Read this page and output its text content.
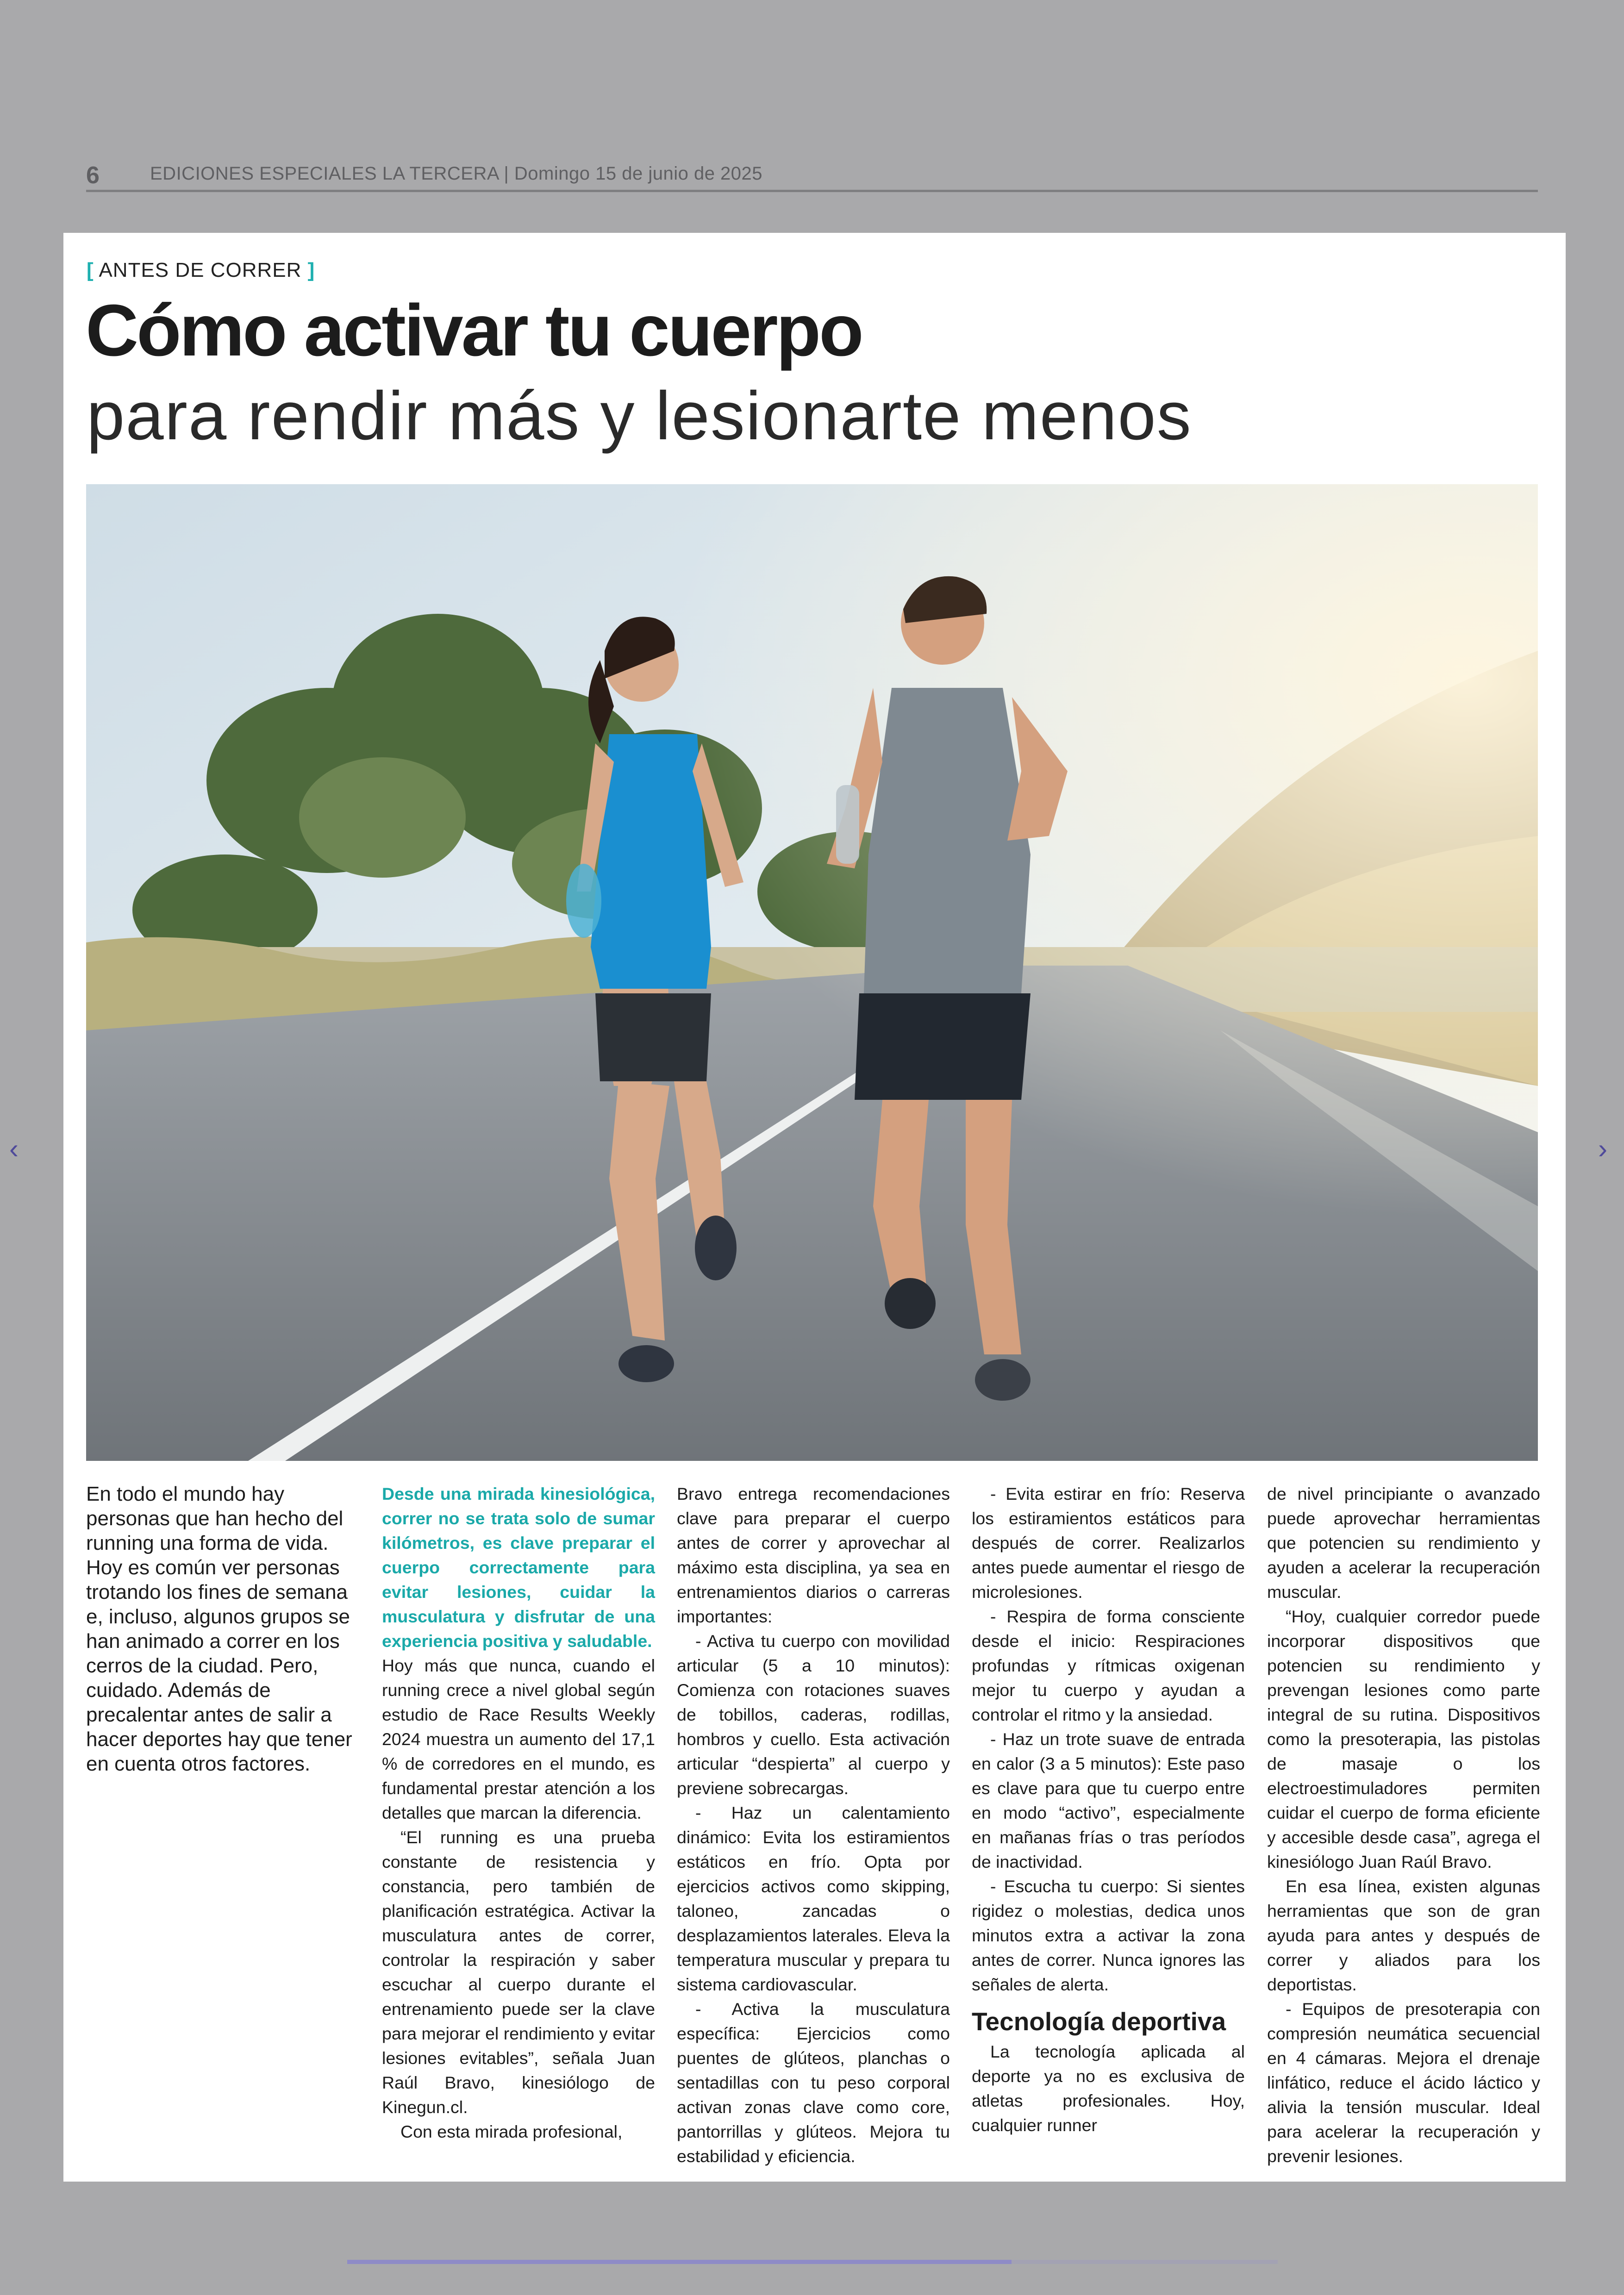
6	EDICIONES ESPECIALES LA TERCERA | Domingo 15 de junio de 2025
[ ANTES DE CORRER ]
Cómo activar tu cuerpo
para rendir más y lesionarte menos

En todo el mundo hay personas que han hecho del running una forma de vida. Hoy es común ver personas trotando los fines de semana e, incluso, algunos grupos se han animado a correr en los cerros de la ciudad. Pero, cuidado. Además de precalentar antes de salir a hacer deportes hay que tener en cuenta otros factores.

Desde una mirada kinesiológica, correr no se trata solo de sumar kilómetros, es clave preparar el cuerpo correctamente para evitar lesiones, cuidar la musculatura y disfrutar de una experiencia positiva y saludable.

Hoy más que nunca, cuando el running crece a nivel global según estudio de Race Results Weekly 2024 muestra un aumento del 17,1 % de corredores en el mundo, es fundamental prestar atención a los detalles que marcan la diferencia.

“El running es una prueba constante de resistencia y constancia, pero también de planificación estratégica. Activar la musculatura antes de correr, controlar la respiración y saber escuchar al cuerpo durante el entrenamiento puede ser la clave para mejorar el rendimiento y evitar lesiones evitables”, señala Juan Raúl Bravo, kinesiólogo de Kinegun.cl.

Con esta mirada profesional,

Bravo entrega recomendaciones clave para preparar el cuerpo antes de correr y aprovechar al máximo esta disciplina, ya sea en entrenamientos diarios o carreras importantes:

- Activa tu cuerpo con movilidad articular (5 a 10 minutos): Comienza con rotaciones suaves de tobillos, caderas, rodillas, hombros y cuello. Esta activación articular “despierta” al cuerpo y previene sobrecargas.

- Haz un calentamiento dinámico: Evita los estiramientos estáticos en frío. Opta por ejercicios activos como skipping, taloneo, zancadas o desplazamientos laterales. Eleva la temperatura muscular y prepara tu sistema cardiovascular.

- Activa la musculatura específica: Ejercicios como puentes de glúteos, planchas o sentadillas con tu peso corporal activan zonas clave como core, pantorrillas y glúteos. Mejora tu estabilidad y eficiencia.

- Evita estirar en frío: Reserva los estiramientos estáticos para después de correr. Realizarlos antes puede aumentar el riesgo de microlesiones.

- Respira de forma consciente desde el inicio: Respiraciones profundas y rítmicas oxigenan mejor tu cuerpo y ayudan a controlar el ritmo y la ansiedad.

- Haz un trote suave de entrada en calor (3 a 5 minutos): Este paso es clave para que tu cuerpo entre en modo “activo”, especialmente en mañanas frías o tras períodos de inactividad.

- Escucha tu cuerpo: Si sientes rigidez o molestias, dedica unos minutos extra a activar la zona antes de correr. Nunca ignores las señales de alerta.

Tecnología deportiva

La tecnología aplicada al deporte ya no es exclusiva de atletas profesionales. Hoy, cualquier runner

de nivel principiante o avanzado puede aprovechar herramientas que potencien su rendimiento y ayuden a acelerar la recuperación muscular.

“Hoy, cualquier corredor puede incorporar dispositivos que potencien su rendimiento y prevengan lesiones como parte integral de su rutina. Dispositivos como la presoterapia, las pistolas de masaje o los electroestimuladores permiten cuidar el cuerpo de forma eficiente y accesible desde casa”, agrega el kinesiólogo Juan Raúl Bravo.

En esa línea, existen algunas herramientas que son de gran ayuda para antes y después de correr y aliados para los deportistas.

- Equipos de presoterapia con compresión neumática secuencial en 4 cámaras. Mejora el drenaje linfático, reduce el ácido láctico y alivia la tensión muscular. Ideal para acelerar la recuperación y prevenir lesiones.

‹	›
